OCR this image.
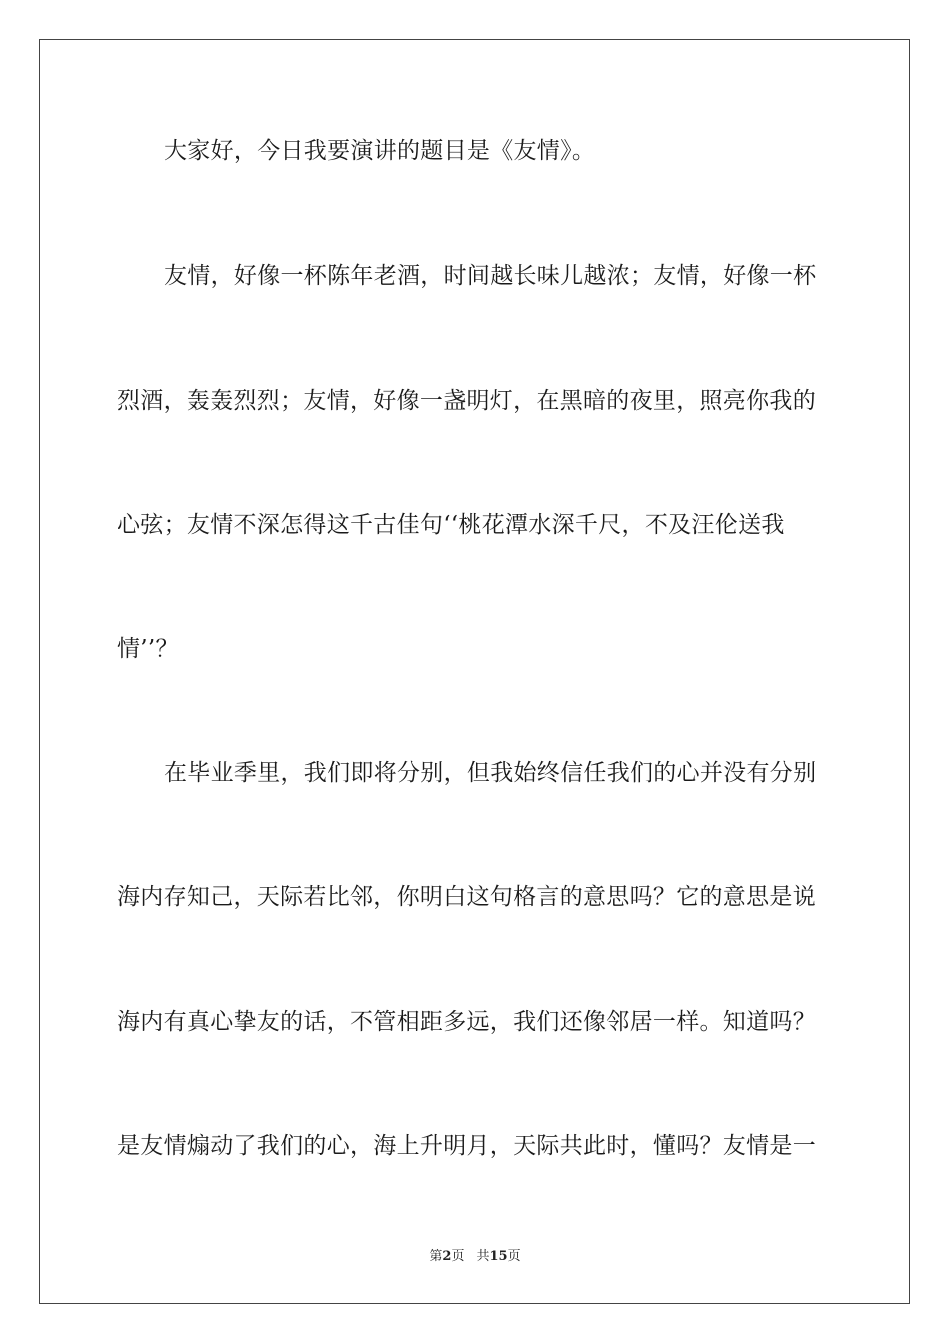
大家好，今日我要演讲的题目是《友情》。

友情，好像一杯陈年老酒，时间越长味儿越浓；友情，好像一杯

烈酒，轰轰烈烈；友情，好像一盏明灯，在黑暗的夜里，照亮你我的

心弦；友情不深怎得这千古佳句‘‘桃花潭水深千尺，不及汪伦送我

情’’？

在毕业季里，我们即将分别，但我始终信任我们的心并没有分别

海内存知己，天际若比邻，你明白这句格言的意思吗？它的意思是说

海内有真心挚友的话，不管相距多远，我们还像邻居一样。知道吗？

是友情煽动了我们的心，海上升明月，天际共此时，懂吗？友情是一

第2页 共15页
